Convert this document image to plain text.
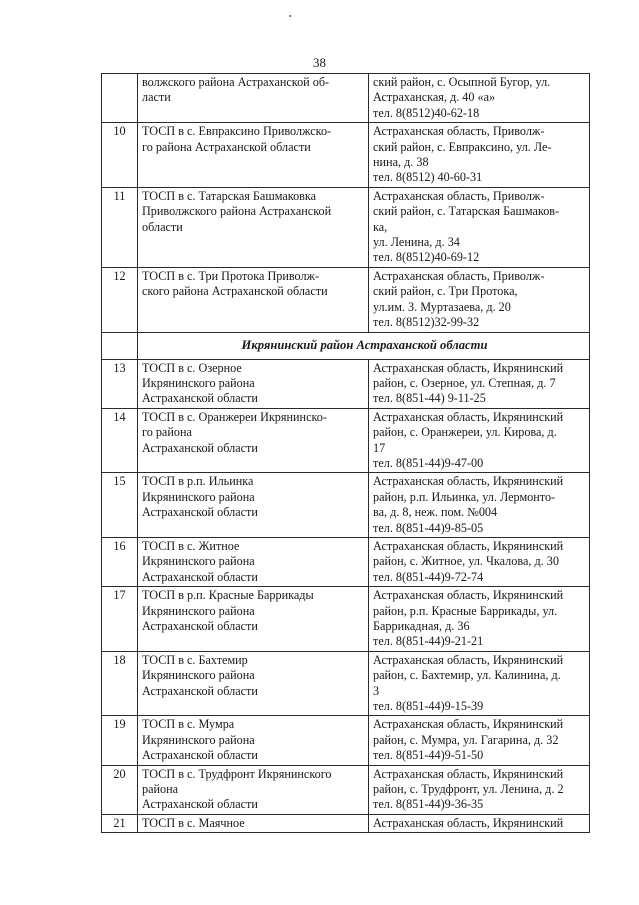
38
	волжского района Астраханской об-
ласти	ский район, с. Осыпной Бугор, ул.
Астраханская, д. 40 «а»
тел. 8(8512)40-62-18
10	ТОСП в с. Евпраксино Приволжско-
го района Астраханской области	Астраханская область, Приволж-
ский район, с. Евпраксино, ул. Ле-
нина, д. 38
тел. 8(8512) 40-60-31
11	ТОСП в с. Татарская Башмаковка
Приволжского района Астраханской
области	Астраханская область, Приволж-
ский район, с. Татарская Башмаков-
ка,
ул. Ленина, д. 34
тел. 8(8512)40-69-12
12	ТОСП в с. Три Протока Приволж-
ского района Астраханской области	Астраханская область, Приволж-
ский район, с. Три Протока,
ул.им. З. Муртазаева, д. 20
тел. 8(8512)32-99-32
	Икрянинский район Астраханской области	
13	ТОСП в с. Озерное
Икрянинского района
Астраханской области	Астраханская область, Икрянинский
район, с. Озерное, ул. Степная, д. 7
тел. 8(851-44) 9-11-25
14	ТОСП в с. Оранжереи Икрянинско-
го района
Астраханской области	Астраханская область, Икрянинский
район, с. Оранжереи, ул. Кирова, д.
17
тел. 8(851-44)9-47-00
15	ТОСП в р.п. Ильинка
Икрянинского района
Астраханской области	Астраханская область, Икрянинский
район, р.п. Ильинка, ул. Лермонто-
ва, д. 8, неж. пом. №004
тел. 8(851-44)9-85-05
16	ТОСП в с. Житное
Икрянинского района
Астраханской области	Астраханская область, Икрянинский
район, с. Житное, ул. Чкалова, д. 30
тел. 8(851-44)9-72-74
17	ТОСП в р.п. Красные Баррикады
Икрянинского района
Астраханской области	Астраханская область, Икрянинский
район, р.п. Красные Баррикады, ул.
Баррикадная, д. 36
тел. 8(851-44)9-21-21
18	ТОСП в с. Бахтемир
Икрянинского района
Астраханской области	Астраханская область, Икрянинский
район, с. Бахтемир, ул. Калинина, д.
3
тел. 8(851-44)9-15-39
19	ТОСП в с. Мумра
Икрянинского района
Астраханской области	Астраханская область, Икрянинский
район, с. Мумра, ул. Гагарина, д. 32
тел. 8(851-44)9-51-50
20	ТОСП в с. Трудфронт Икрянинского
района
Астраханской области	Астраханская область, Икрянинский
район, с. Трудфронт, ул. Ленина, д. 2
тел. 8(851-44)9-36-35
21	ТОСП в с. Маячное	Астраханская область, Икрянинский
